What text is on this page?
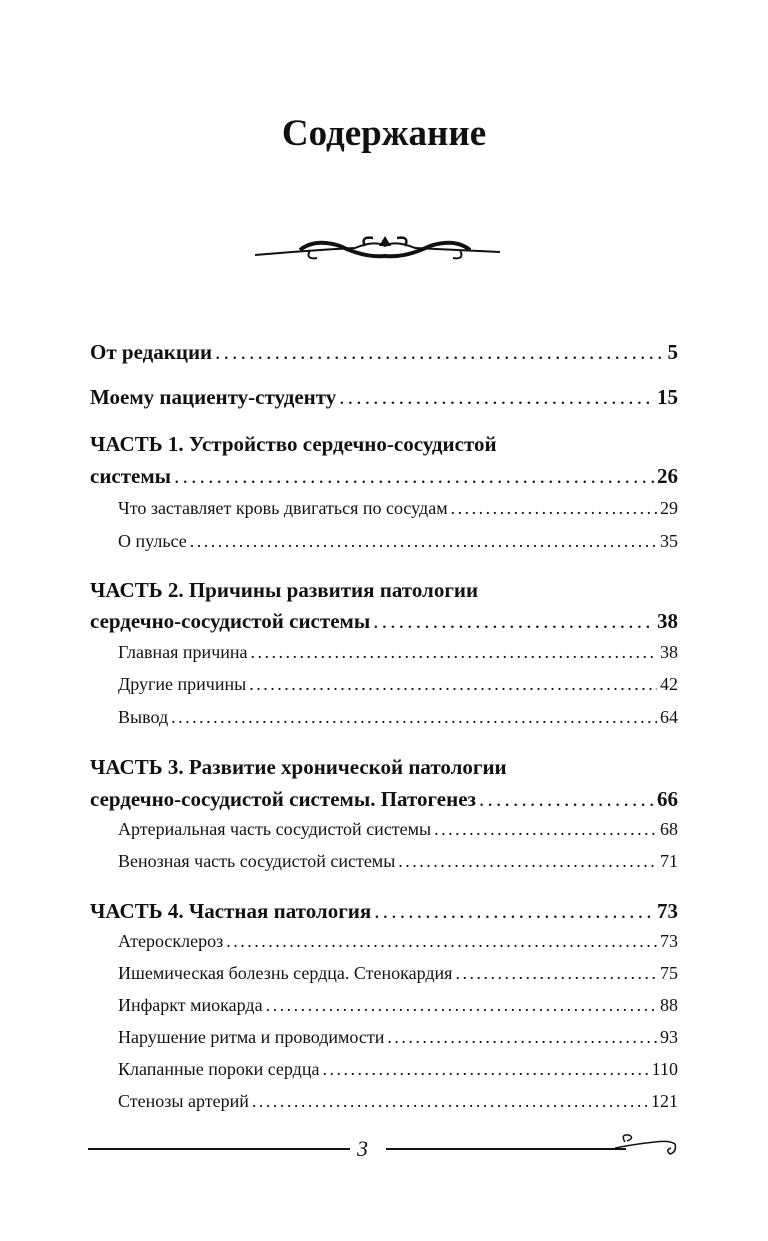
Содержание
От редакции . . .	5
Моему пациенту-студенту . . .	15
ЧАСТЬ 1. Устройство сердечно-сосудистой
системы . . .	26
Что заставляет кровь двигаться по сосудам . . .	29
О пульсе . . .	35
ЧАСТЬ 2. Причины развития патологии
сердечно-сосудистой системы . . .	38
Главная причина . . .	38
Другие причины . . .	42
Вывод . . .	64
ЧАСТЬ 3. Развитие хронической патологии
сердечно-сосудистой системы. Патогенез . . .	66
Артериальная часть сосудистой системы . . .	68
Венозная часть сосудистой системы . . .	71
ЧАСТЬ 4. Частная патология . . .	73
Атеросклероз . . .	73
Ишемическая болезнь сердца. Стенокардия . . .	75
Инфаркт миокарда . . .	88
Нарушение ритма и проводимости . . .	93
Клапанные пороки сердца . . .	110
Стенозы артерий . . .	121
3
